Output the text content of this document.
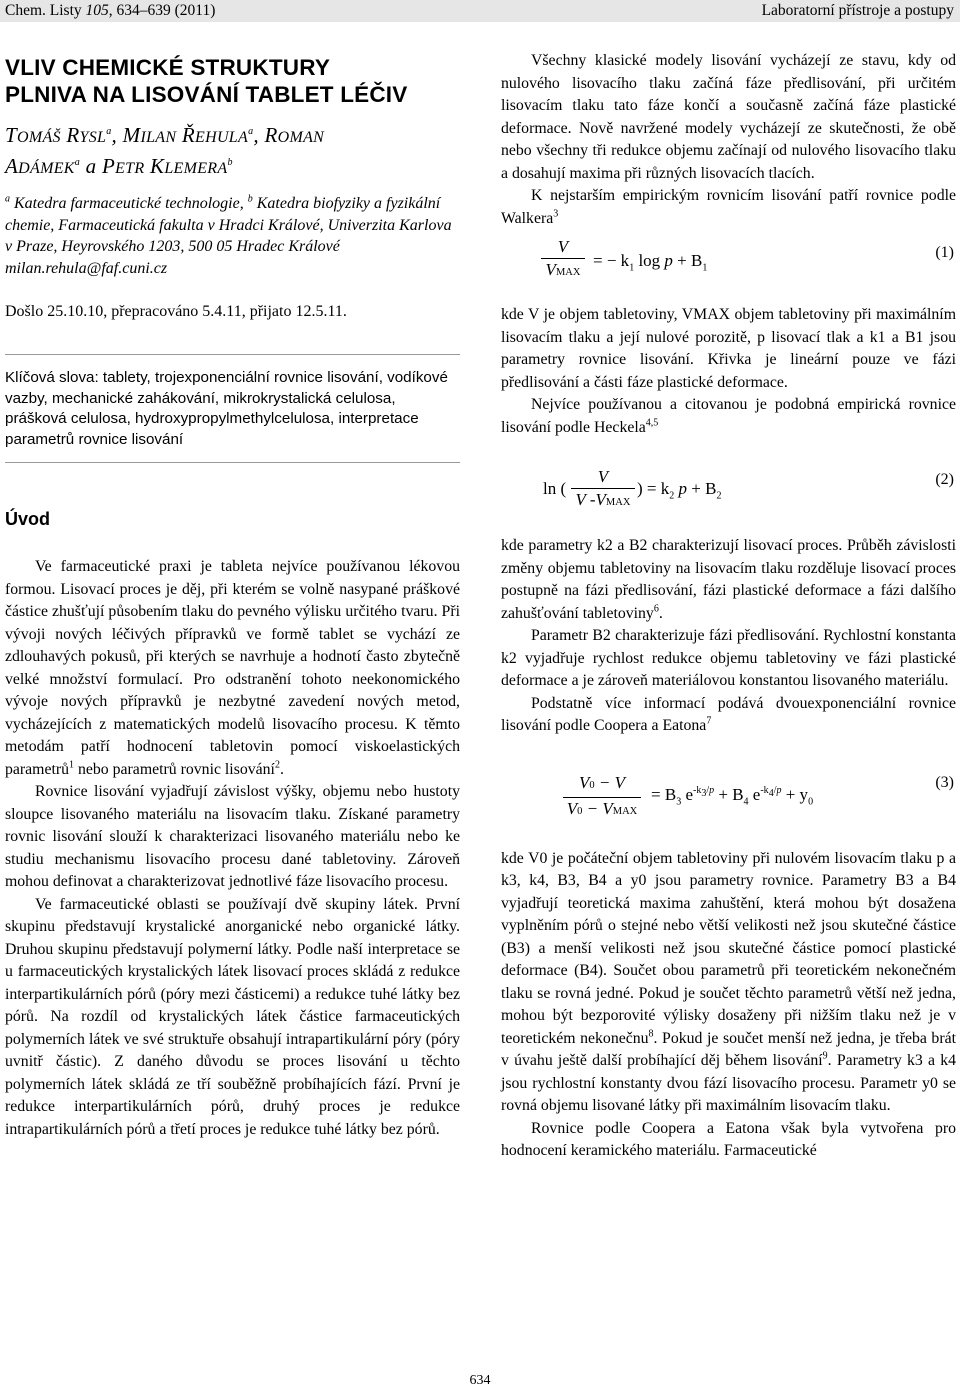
Chem. Listy 105, 634–639 (2011)	Laboratorní přístroje a postupy
VLIV CHEMICKÉ STRUKTURY
PLNIVA NA LISOVÁNÍ TABLET LÉČIV
TOMÁŠ RYSL$^a$, MILAN ŘEHULA$^a$, ROMAN
ADÁMEK$^a$ a PETR KLEMERA$^b$
$^a$ Katedra farmaceutické technologie, $^b$ Katedra biofyziky a fyzikální chemie, Farmaceutická fakulta v Hradci Králové, Univerzita Karlova v Praze, Heyrovského 1203, 500 05 Hradec Králové
milan.rehula@faf.cuni.cz
Došlo 25.10.10, přepracováno 5.4.11, přijato 12.5.11.
Klíčová slova: tablety, trojexponenciální rovnice lisování, vodíkové vazby, mechanické zahákování, mikrokrystalická celulosa, prášková celulosa, hydroxypropylmethylcelulosa, interpretace parametrů rovnice lisování
Úvod

Ve farmaceutické praxi je tableta nejvíce používanou lékovou formou. Lisovací proces je děj, při kterém se volně nasypané práškové částice zhušťují působením tlaku do pevného výlisku určitého tvaru. Při vývoji nových léčivých přípravků ve formě tablet se vychází ze zdlouhavých pokusů, při kterých se navrhuje a hodnotí často zbytečně velké množství formulací. Pro odstranění tohoto neekonomického vývoje nových přípravků je nezbytné zavedení nových metod, vycházejících z matematických modelů lisovacího procesu. K těmto metodám patří hodnocení tabletovin pomocí viskoelastických parametrů$^1$ nebo parametrů rovnic lisování$^2$.

Rovnice lisování vyjadřují závislost výšky, objemu nebo hustoty sloupce lisovaného materiálu na lisovacím tlaku. Získané parametry rovnic lisování slouží k charakterizaci lisovaného materiálu nebo ke studiu mechanismu lisovacího procesu dané tabletoviny. Zároveň mohou definovat a charakterizovat jednotlivé fáze lisovacího procesu.

Ve farmaceutické oblasti se používají dvě skupiny látek. První skupinu představují krystalické anorganické nebo organické látky. Druhou skupinu představují polymerní látky. Podle naší interpretace se u farmaceutických krystalických látek lisovací proces skládá z redukce interpartikulárních pórů (póry mezi částicemi) a redukce tuhé látky bez pórů. Na rozdíl od krystalických látek částice farmaceutických polymerních látek ve své struktuře obsahují intrapartikulární póry (póry uvnitř částic). Z daného důvodu se proces lisování u těchto polymerních látek skládá ze tří souběžně probíhajících fází. První je redukce interpartikulárních pórů, druhý proces je redukce intrapartikulárních pórů a třetí proces je redukce tuhé látky bez pórů.

Všechny klasické modely lisování vycházejí ze stavu, kdy od nulového lisovacího tlaku začíná fáze předlisování, při určitém lisovacím tlaku tato fáze končí a současně začíná fáze plastické deformace. Nově navržené modely vycházejí ze skutečnosti, že obě nebo všechny tři redukce objemu začínají od nulového lisovacího tlaku a dosahují maxima při různých lisovacích tlacích.

K nejstarším empirickým rovnicím lisování patří rovnice podle Walkera$^3$

V
VMAX
= − $k_1$ $\log p + B_1$
(1)

kde V je objem tabletoviny, VMAX objem tabletoviny při maximálním lisovacím tlaku a její nulové porozitě, p lisovací tlak a k1 a B1 jsou parametry rovnice lisování. Křivka je lineární pouze ve fázi předlisování a části fáze plastické deformace.

Nejvíce používanou a citovanou je podobná empirická rovnice lisování podle Heckela$^{4,5}$

ln (
V
V -VMAX
) = $k_2$ $p + B_2$
(2)

kde parametry k2 a B2 charakterizují lisovací proces. Průběh závislosti změny objemu tabletoviny na lisovacím tlaku rozděluje lisovací proces postupně na fázi předlisování, fázi plastické deformace a fázi dalšího zahušťování tabletoviny$^6$.

Parametr B2 charakterizuje fázi předlisování. Rychlostní konstanta k2 vyjadřuje rychlost redukce objemu tabletoviny ve fázi plastické deformace a je zároveň materiálovou konstantou lisovaného materiálu.

Podstatně více informací podává dvouexponenciální rovnice lisování podle Coopera a Eatona$^7$

V0 − V
V0 − VMAX
= $B_3$ $e^{-k_3/p} + B_4$ $e^{-k_4/p} + y_0$
(3)

kde V0 je počáteční objem tabletoviny při nulovém lisovacím tlaku p a k3, k4, B3, B4 a y0 jsou parametry rovnice. Parametry B3 a B4 vyjadřují teoretická maxima zahuštění, která mohou být dosažena vyplněním pórů o stejné nebo větší velikosti než jsou skutečné částice (B3) a menší velikosti než jsou skutečné částice pomocí plastické deformace (B4). Součet obou parametrů při teoretickém nekonečném tlaku se rovná jedné. Pokud je součet těchto parametrů větší než jedna, mohou být bezporovité výlisky dosaženy při nižším tlaku než je v teoretickém nekonečnu$^8$. Pokud je součet menší než jedna, je třeba brát v úvahu ještě další probíhající děj během lisování$^9$. Parametry k3 a k4 jsou rychlostní konstanty dvou fází lisovacího procesu. Parametr y0 se rovná objemu lisované látky při maximálním lisovacím tlaku.

Rovnice podle Coopera a Eatona však byla vytvořena pro hodnocení keramického materiálu. Farmaceutické

634
